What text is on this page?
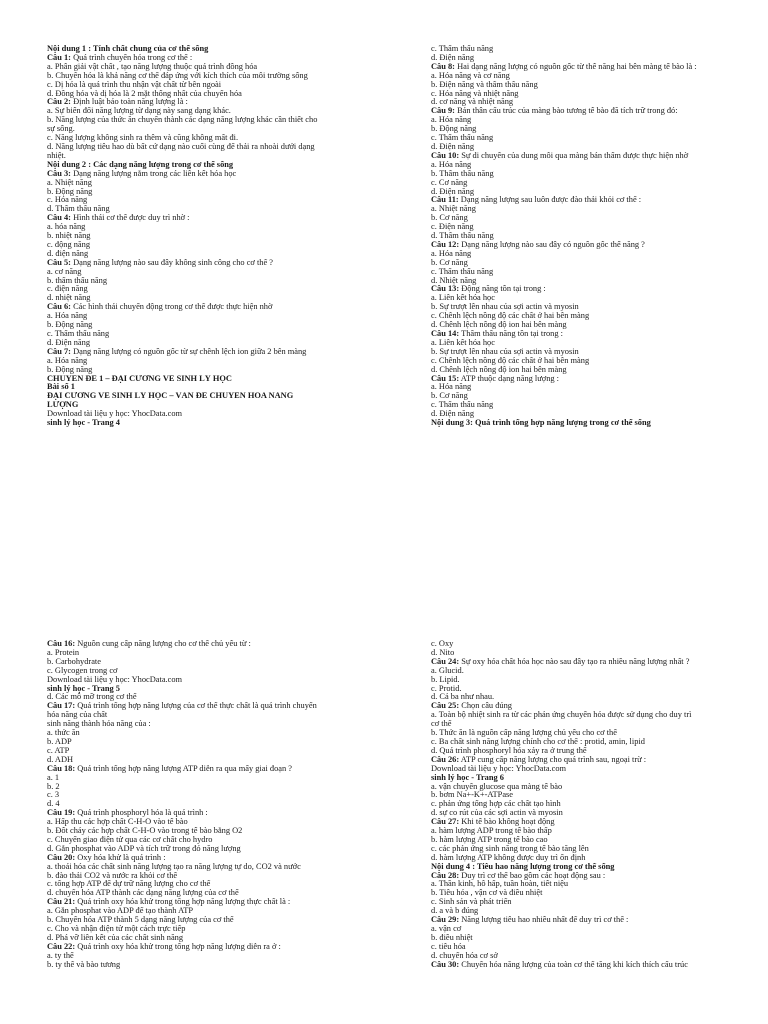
Nội dung 1 : Tính chất chung của cơ thể sống
Câu 1: Quá trình chuyển hóa trong cơ thể :
a. Phân giải vật chất , tạo năng lượng thuộc quá trình đồng hóa
b. Chuyển hóa là khả năng cơ thể đáp ứng với kích thích của môi trường sống
c. Dị hóa là quá trình thu nhận vật chất từ bên ngoài
d. Đồng hóa và dị hóa là 2 mặt thống nhất của chuyển hóa
Câu 2: Định luật bảo toàn năng lượng là :
a. Sự biến đổi năng lượng từ dạng này sang dạng khác.
b. Năng lượng của thức ăn chuyển thành các dạng năng lượng khác cần thiết cho
sự sống.
c. Năng lượng không sinh ra thêm và cũng không mất đi.
d. Năng lượng tiêu hao dù bất cứ dạng nào cuối cùng để thải ra nhoài dưới dạng
nhiệt.
Nội dung 2 : Các dạng năng lượng trong cơ thể sống
Câu 3: Dạng năng lượng nằm trong các liên kết hóa học
a. Nhiệt năng
b. Động năng
c. Hóa năng
d. Thẩm thấu năng
Câu 4: Hình thái cơ thể được duy trì nhờ :
a. hóa năng
b. nhiệt năng
c. động năng
d. điện năng
Câu 5: Dạng năng lượng nào sau đây không sinh công cho cơ thể ?
a. cơ năng
b. thẩm thấu năng
c. điện năng
d. nhiệt năng
Câu 6: Các hình thái chuyển động trong cơ thể được thực hiện nhờ
a. Hóa năng
b. Động năng
c. Thẩm thấu năng
d. Điện năng
Câu 7: Dạng năng lượng có nguồn gốc từ sự chênh lệch ion giữa 2 bên màng
a. Hóa năng
b. Động năng
CHUYÊN ĐỀ 1 – ĐẠI CƯƠNG VỀ SINH LÝ HỌC
Bài số 1
ĐẠI CƯƠNG VỀ SINH LÝ HỌC – VẤN ĐỀ CHUYỂN HÓA NĂNG
LƯỢNG
Download tài liệu y học: YhocData.com
sinh lý học - Trang 4
c. Thẩm thấu năng
d. Điện năng
Câu 8: Hai dạng năng lượng có nguồn gốc từ thế năng hai bên màng tế bào là :
a. Hóa năng và cơ năng
b. Điện năng và thẩm thấu năng
c. Hóa năng và nhiệt năng
d. cơ năng và nhiệt năng
Câu 9: Bản thân cấu trúc của màng bào tương tế bào đã tích trữ trong đó:
a. Hóa năng
b. Động năng
c. Thẩm thấu năng
d. Điện năng
Câu 10: Sự di chuyển của dung môi qua màng bán thấm được thực hiện nhờ
a. Hóa năng
b. Thẩm thấu năng
c. Cơ năng
d. Điện năng
Câu 11: Dạng năng lượng sau luôn được đào thải khỏi cơ thể :
a. Nhiệt năng
b. Cơ năng
c. Điện năng
d. Thẩm thấu năng
Câu 12: Dạng năng lượng nào sau đây có nguồn gốc thế năng ?
a. Hóa năng
b. Cơ năng
c. Thẩm thấu năng
d. Nhiệt năng
Câu 13: Động năng tồn tại trong :
a. Liên kết hóa học
b. Sự trượt lên nhau của sợi actin và myosin
c. Chênh lệch nồng độ các chất ở hai bên màng
d. Chênh lệch nồng độ ion hai bên màng
Câu 14: Thẩm thấu năng tồn tại trong :
a. Liên kết hóa học
b. Sự trượt lên nhau của sợi actin và myosin
c. Chênh lệch nồng độ các chất ở hai bên màng
d. Chênh lệch nồng độ ion hai bên màng
Câu 15: ATP thuộc dạng năng lượng :
a. Hóa năng
b. Cơ năng
c. Thẩm thấu năng
d. Điện năng
Nội dung 3: Quá trình tổng hợp năng lượng trong cơ thể sống
Câu 16: Nguồn cung cấp năng lượng cho cơ thể chủ yếu từ :
a. Protein
b. Carbohydrate
c. Glycogen trong cơ
Download tài liệu y học: YhocData.com
sinh lý học - Trang 5
d. Các mô mỡ trong cơ thể
Câu 17: Quá trình tổng hợp năng lượng của cơ thể thực chất là quá trình chuyển
hóa năng của chất
sinh năng thành hóa năng của :
a. thức ăn
b. ADP
c. ATP
d. ADH
Câu 18: Quá trình tổng hợp năng lượng ATP diễn ra qua mấy giai đoạn ?
a. 1
b. 2
c. 3
d. 4
Câu 19: Quá trình phosphoryl hóa là quá trình :
a. Hấp thu các hợp chất C-H-O vào tế bào
b. Đốt cháy các hợp chất C-H-O vào trong tế bào bằng O2
c. Chuyển giao điện tử qua các cơ chất cho hydro
d. Gắn phosphat vào ADP và tích trữ trong đó năng lượng
Câu 20: Oxy hóa khử là quá trình :
a. thoái hóa các chất sinh năng lượng tạo ra năng lượng tự do, CO2 và nước
b. đào thải CO2 và nước ra khỏi cơ thể
c. tổng hợp ATP để dự trữ năng lượng cho cơ thể
d. chuyển hóa ATP thành các dạng năng lượng của cơ thể
Câu 21: Quá trình oxy hóa khử trong tổng hợp năng lượng thực chất là :
a. Gắn phosphat vào ADP để tạo thành ATP
b. Chuyển hóa ATP thành 5 dạng năng lượng của cơ thể
c. Cho và nhận điện tử một cách trực tiếp
d. Phá vỡ liên kết của các chất sinh năng
Câu 22: Quá trình oxy hóa khử trong tổng hợp năng lượng diễn ra ở :
a. ty thể
b. ty thể và bào tương
c. Oxy
d. Nito
Câu 24: Sự oxy hóa chất hóa học nào sau đây tạo ra nhiều năng lượng nhất ?
a. Glucid.
b. Lipid.
c. Protid.
d. Cả ba như nhau.
Câu 25: Chọn câu đúng
a. Toàn bộ nhiệt sinh ra từ các phản ứng chuyển hóa được sử dụng cho duy trì
cơ thể
b. Thức ăn là nguồn cấp năng lượng chủ yếu cho cơ thể
c. Ba chất sinh năng lượng chính cho cơ thể : protid, amin, lipid
d. Quá trình phosphoryl hóa xảy ra ở trung thể
Câu 26: ATP cung cấp năng lượng cho quá trình sau, ngoại trừ :
Download tài liệu y học: YhocData.com
sinh lý học - Trang 6
a. vận chuyển glucose qua màng tế bào
b. bơm Na+-K+-ATPase
c. phản ứng tổng hợp các chất tạo hình
d. sự co rút của các sợi actin và myosin
Câu 27: Khi tế bào không hoạt động
a. hàm lượng ADP trong tế bào thấp
b. hàm lượng ATP trong tế bào cao
c. các phản ứng sinh năng trong tế bào tăng lên
d. hàm lượng ATP không được duy trì ổn định
Nội dung 4 : Tiêu hao năng lượng trong cơ thể sống
Câu 28: Duy trì cơ thể bao gồm các hoạt động sau :
a. Thần kinh, hô hấp, tuần hoàn, tiết niệu
b. Tiêu hóa , vận cơ và điều nhiệt
c. Sinh sản và phát triển
d. a và b đúng
Câu 29: Năng lượng tiêu hao nhiều nhất để duy trì cơ thể :
a. vận cơ
b. điều nhiệt
c. tiêu hóa
d. chuyển hóa cơ sở
Câu 30: Chuyển hóa năng lượng của toàn cơ thể tăng khi kích thích cấu trúc
